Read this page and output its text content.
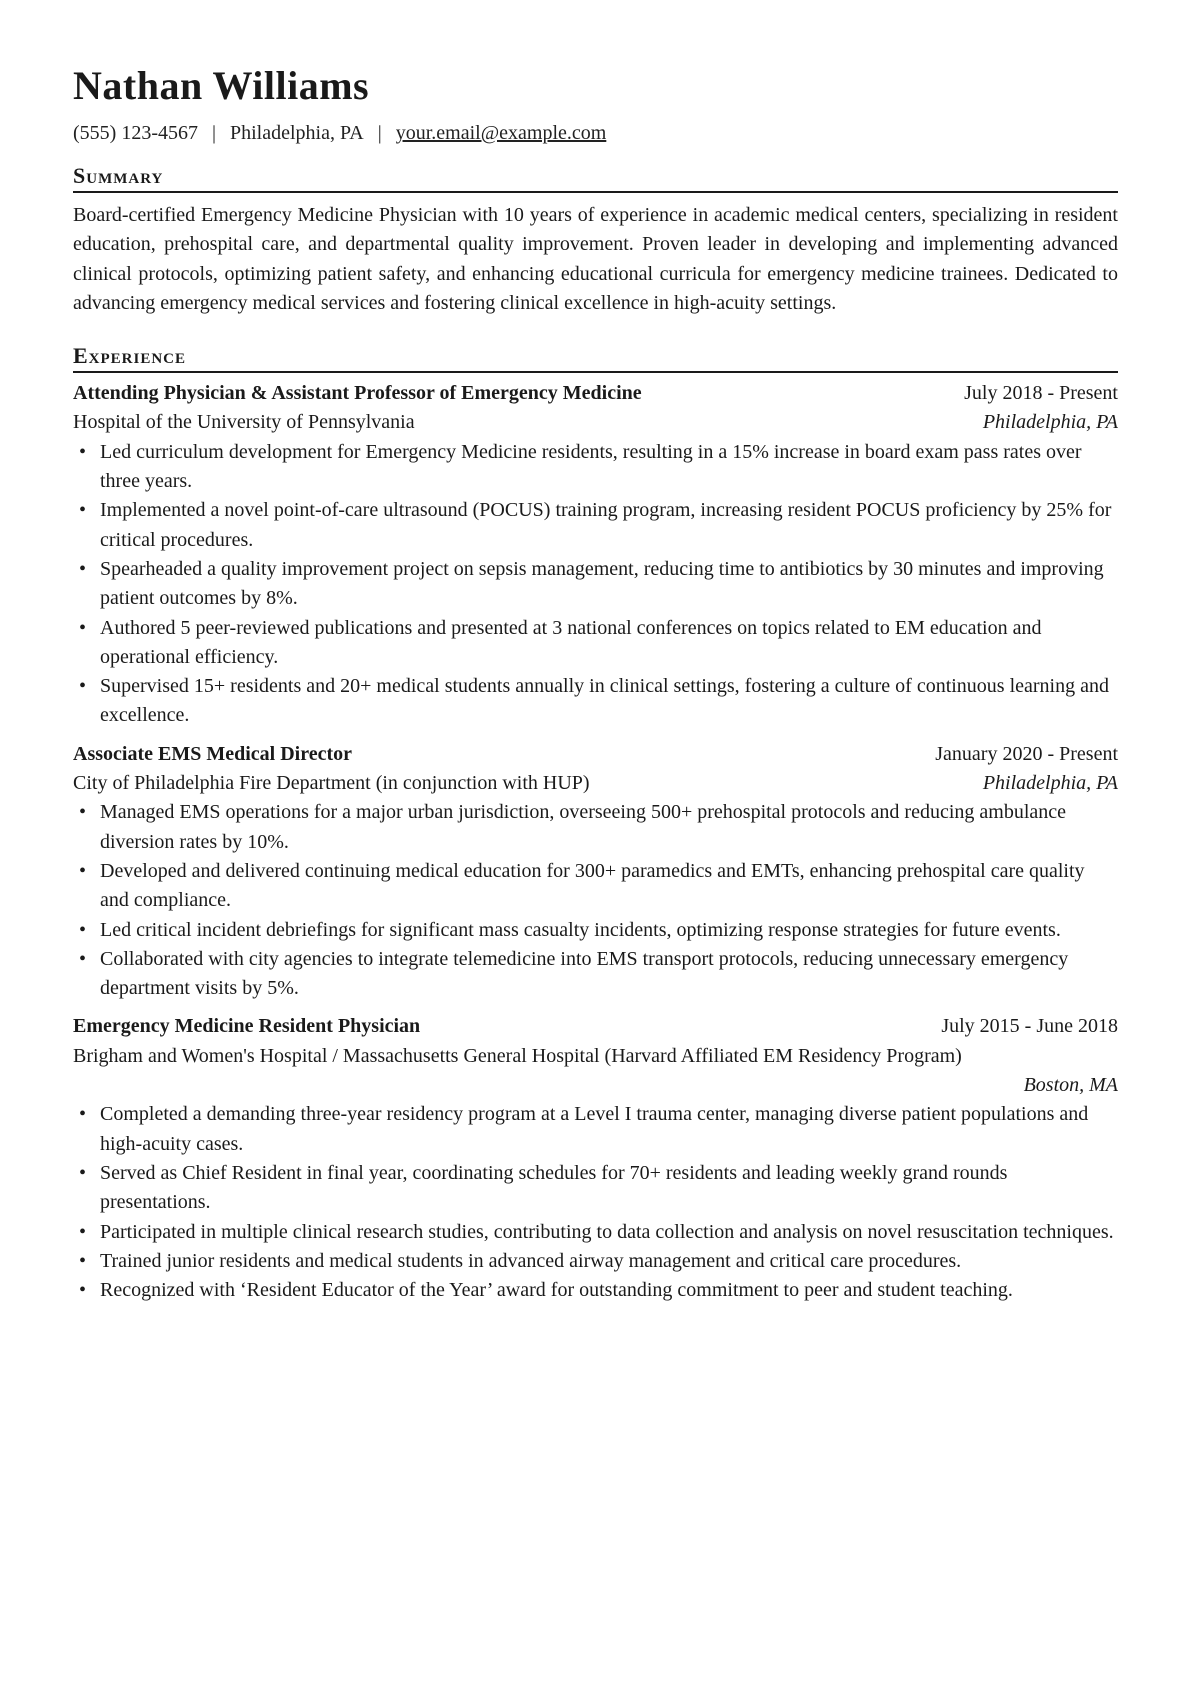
Nathan Williams
(555) 123-4567 | Philadelphia, PA | your.email@example.com
Summary
Board-certified Emergency Medicine Physician with 10 years of experience in academic medical centers, specializing in resident education, prehospital care, and departmental quality improvement. Proven leader in developing and implementing advanced clinical protocols, optimizing patient safety, and enhancing educational curricula for emergency medicine trainees. Dedicated to advancing emergency medical services and fostering clinical excellence in high-acuity settings.
Experience
Attending Physician & Assistant Professor of Emergency Medicine	July 2018 - Present
Hospital of the University of Pennsylvania	Philadelphia, PA
• Led curriculum development for Emergency Medicine residents, resulting in a 15% increase in board exam pass rates over three years.
• Implemented a novel point-of-care ultrasound (POCUS) training program, increasing resident POCUS proficiency by 25% for critical procedures.
• Spearheaded a quality improvement project on sepsis management, reducing time to antibiotics by 30 minutes and improving patient outcomes by 8%.
• Authored 5 peer-reviewed publications and presented at 3 national conferences on topics related to EM education and operational efficiency.
• Supervised 15+ residents and 20+ medical students annually in clinical settings, fostering a culture of continuous learning and excellence.
Associate EMS Medical Director	January 2020 - Present
City of Philadelphia Fire Department (in conjunction with HUP)	Philadelphia, PA
• Managed EMS operations for a major urban jurisdiction, overseeing 500+ prehospital protocols and reducing ambulance diversion rates by 10%.
• Developed and delivered continuing medical education for 300+ paramedics and EMTs, enhancing prehospital care quality and compliance.
• Led critical incident debriefings for significant mass casualty incidents, optimizing response strategies for future events.
• Collaborated with city agencies to integrate telemedicine into EMS transport protocols, reducing unnecessary emergency department visits by 5%.
Emergency Medicine Resident Physician	July 2015 - June 2018
Brigham and Women's Hospital / Massachusetts General Hospital (Harvard Affiliated EM Residency Program)
Boston, MA
• Completed a demanding three-year residency program at a Level I trauma center, managing diverse patient populations and high-acuity cases.
• Served as Chief Resident in final year, coordinating schedules for 70+ residents and leading weekly grand rounds presentations.
• Participated in multiple clinical research studies, contributing to data collection and analysis on novel resuscitation techniques.
• Trained junior residents and medical students in advanced airway management and critical care procedures.
• Recognized with ‘Resident Educator of the Year’ award for outstanding commitment to peer and student teaching.
